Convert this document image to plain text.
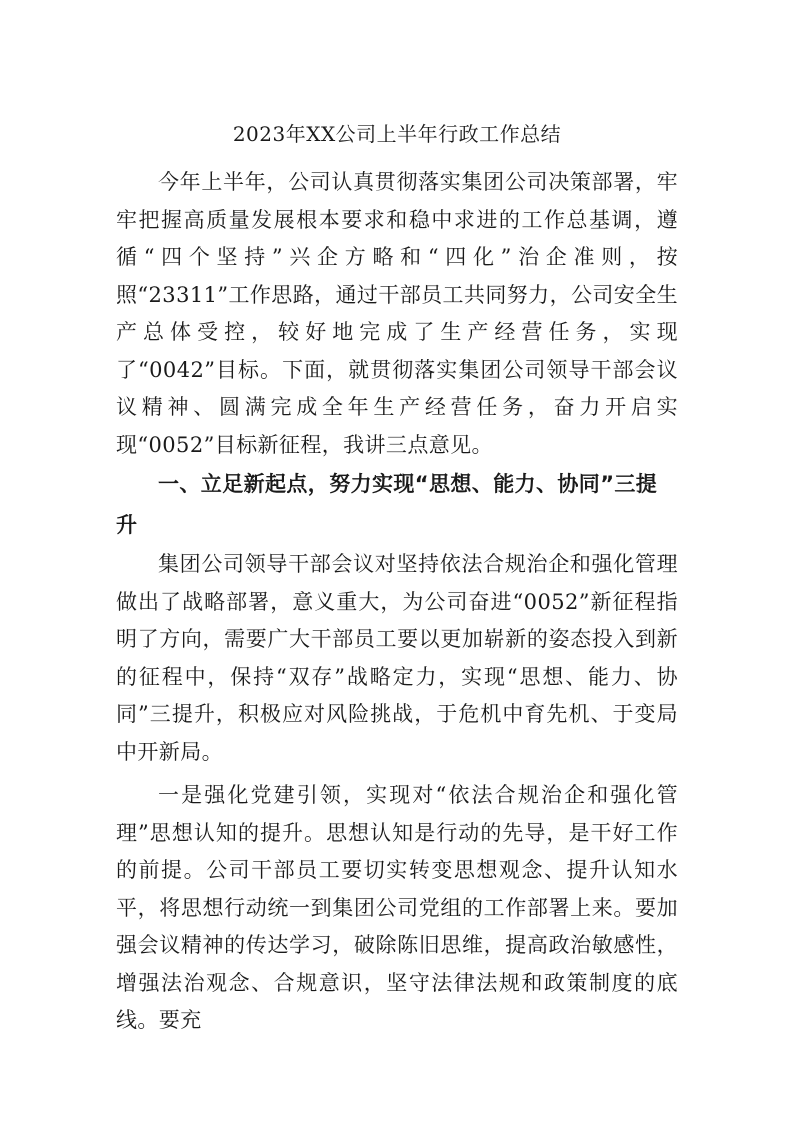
2023年XX公司上半年行政工作总结

今年上半年，公司认真贯彻落实集团公司决策部署，牢牢把握高质量发展根本要求和稳中求进的工作总基调，遵循“四个坚持”兴企方略和“四化”治企准则，按照“23311”工作思路，通过干部员工共同努力，公司安全生产总体受控，较好地完成了生产经营任务，实现了“0042”目标。下面，就贯彻落实集团公司领导干部会议议精神、圆满完成全年生产经营任务，奋力开启实现“0052”目标新征程，我讲三点意见。

一、立足新起点，努力实现“思想、能力、协同”三提升

集团公司领导干部会议对坚持依法合规治企和强化管理做出了战略部署，意义重大，为公司奋进“0052”新征程指明了方向，需要广大干部员工要以更加崭新的姿态投入到新的征程中，保持“双存”战略定力，实现“思想、能力、协同”三提升，积极应对风险挑战，于危机中育先机、于变局中开新局。

一是强化党建引领，实现对“依法合规治企和强化管理”思想认知的提升。思想认知是行动的先导，是干好工作的前提。公司干部员工要切实转变思想观念、提升认知水平，将思想行动统一到集团公司党组的工作部署上来。要加强会议精神的传达学习，破除陈旧思维，提高政治敏感性，增强法治观念、合规意识，坚守法律法规和政策制度的底线。要充
